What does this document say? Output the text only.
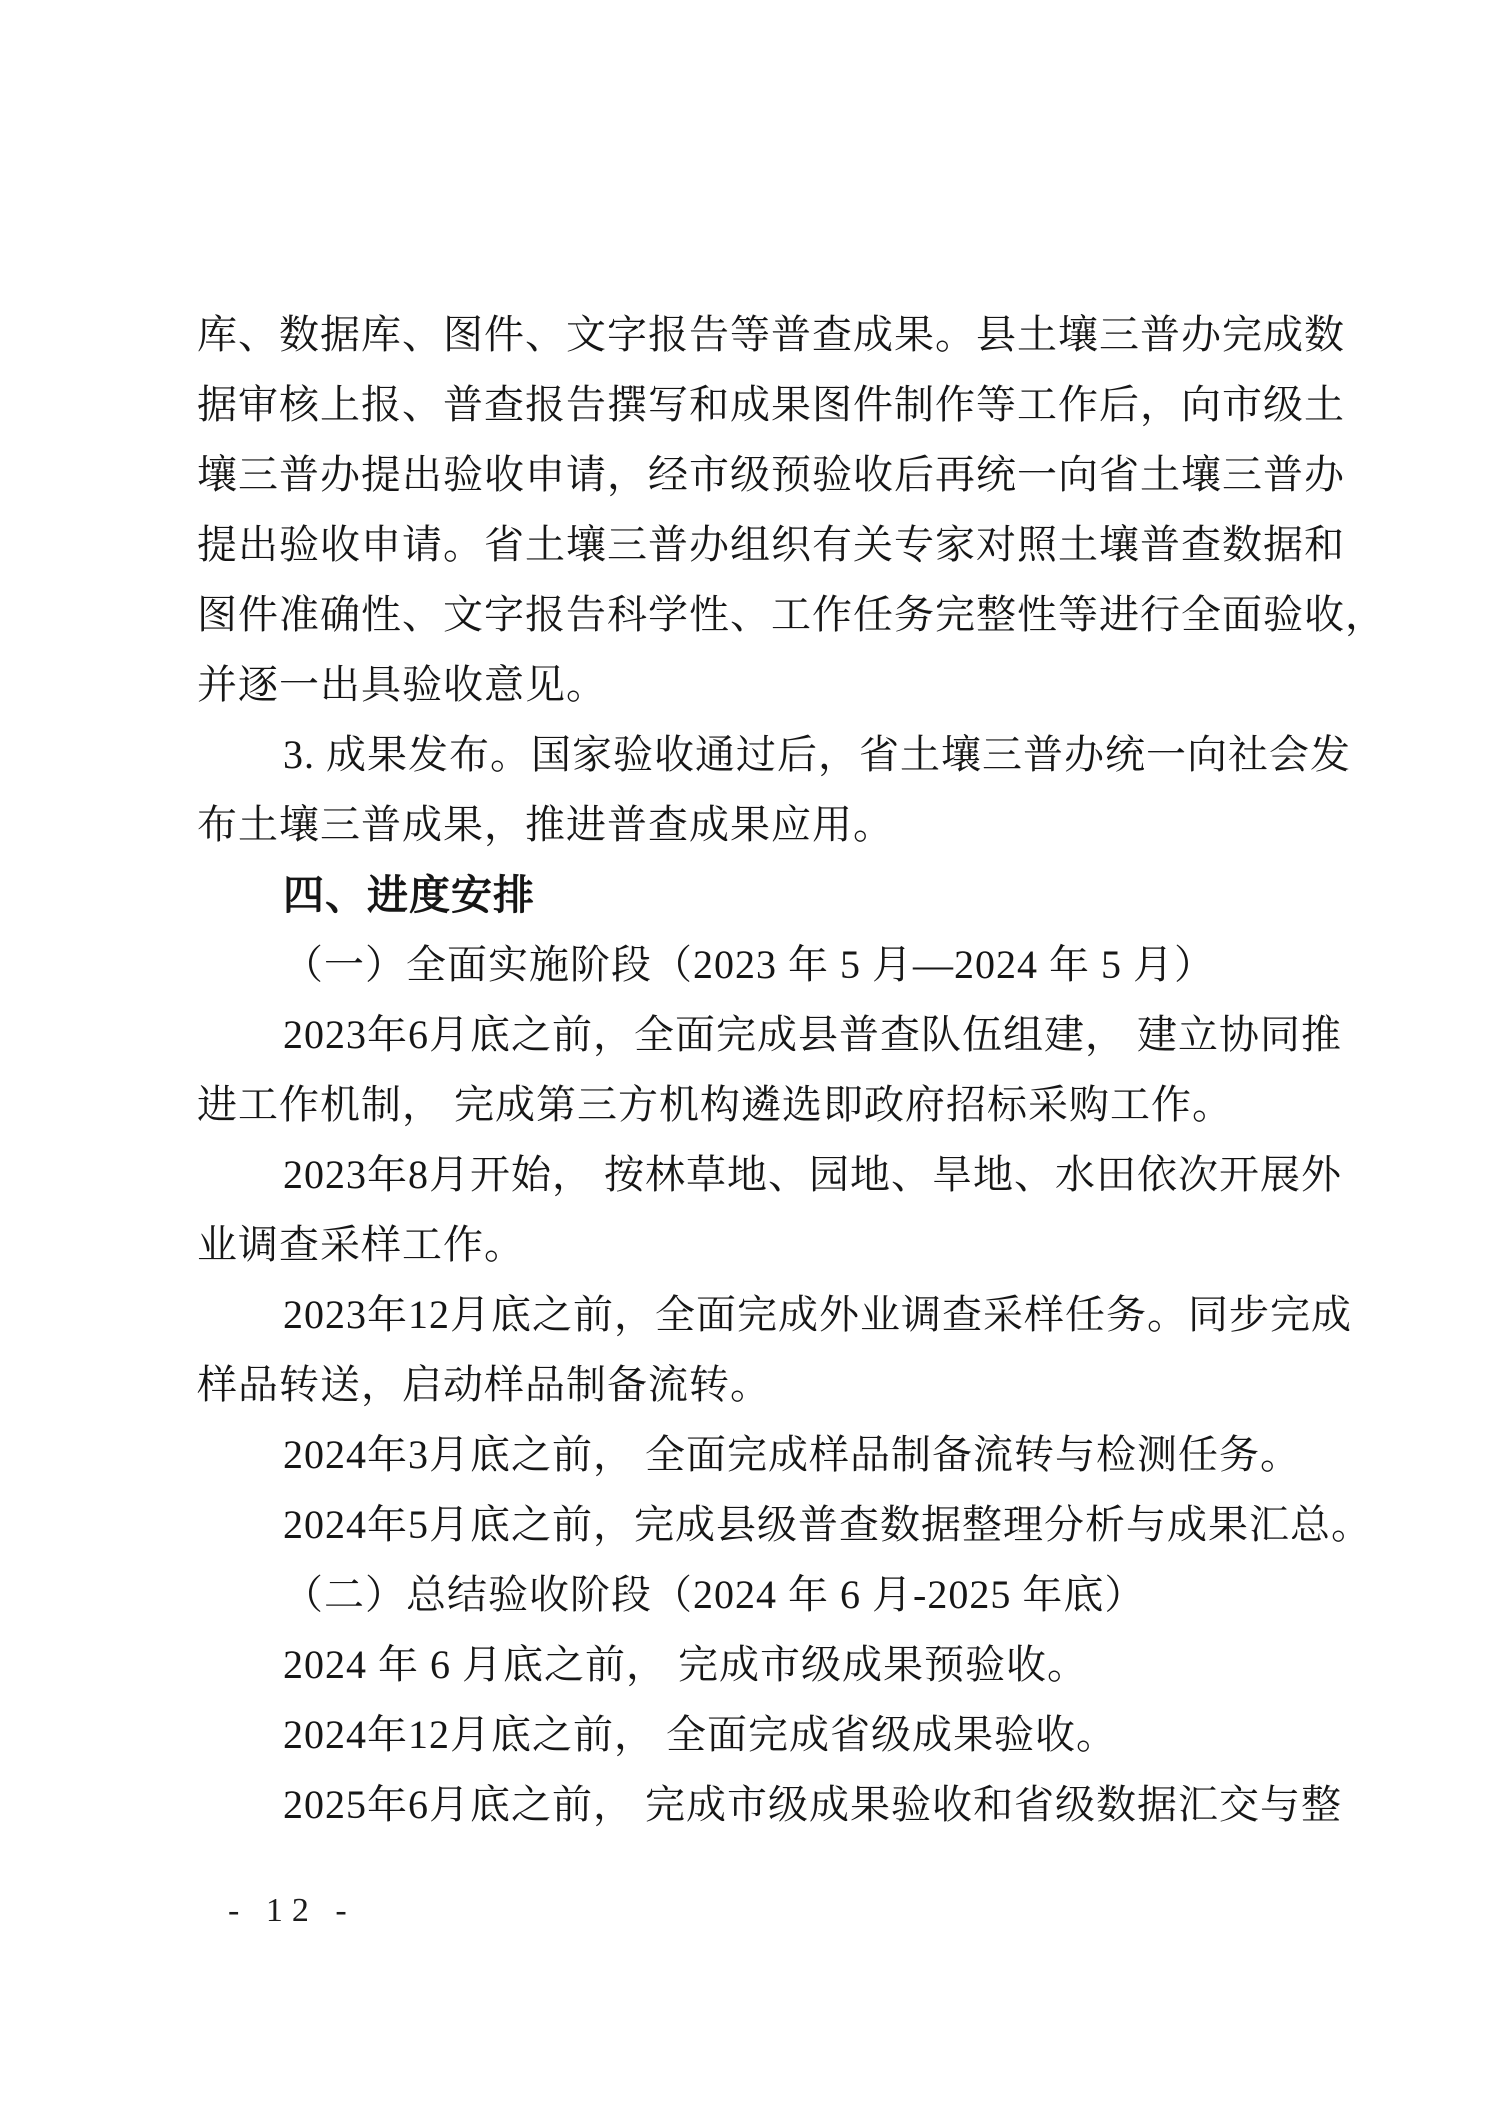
库、数据库、图件、文字报告等普查成果。县土壤三普办完成数
据审核上报、普查报告撰写和成果图件制作等工作后，向市级土
壤三普办提出验收申请，经市级预验收后再统一向省土壤三普办
提出验收申请。省土壤三普办组织有关专家对照土壤普查数据和
图件准确性、文字报告科学性、工作任务完整性等进行全面验收，
并逐一出具验收意见。
3. 成果发布。国家验收通过后，省土壤三普办统一向社会发
布土壤三普成果，推进普查成果应用。
四、进度安排
（一）全面实施阶段（2023 年 5 月—2024 年 5 月）
2023年6月底之前，全面完成县普查队伍组建， 建立协同推
进工作机制， 完成第三方机构遴选即政府招标采购工作。
2023年8月开始， 按林草地、园地、旱地、水田依次开展外
业调查采样工作。
2023年12月底之前，全面完成外业调查采样任务。同步完成
样品转送，启动样品制备流转。
2024年3月底之前， 全面完成样品制备流转与检测任务。
2024年5月底之前，完成县级普查数据整理分析与成果汇总。
（二）总结验收阶段（2024 年 6 月-2025 年底）
2024 年 6 月底之前， 完成市级成果预验收。
2024年12月底之前， 全面完成省级成果验收。
2025年6月底之前， 完成市级成果验收和省级数据汇交与整
- 12 -
